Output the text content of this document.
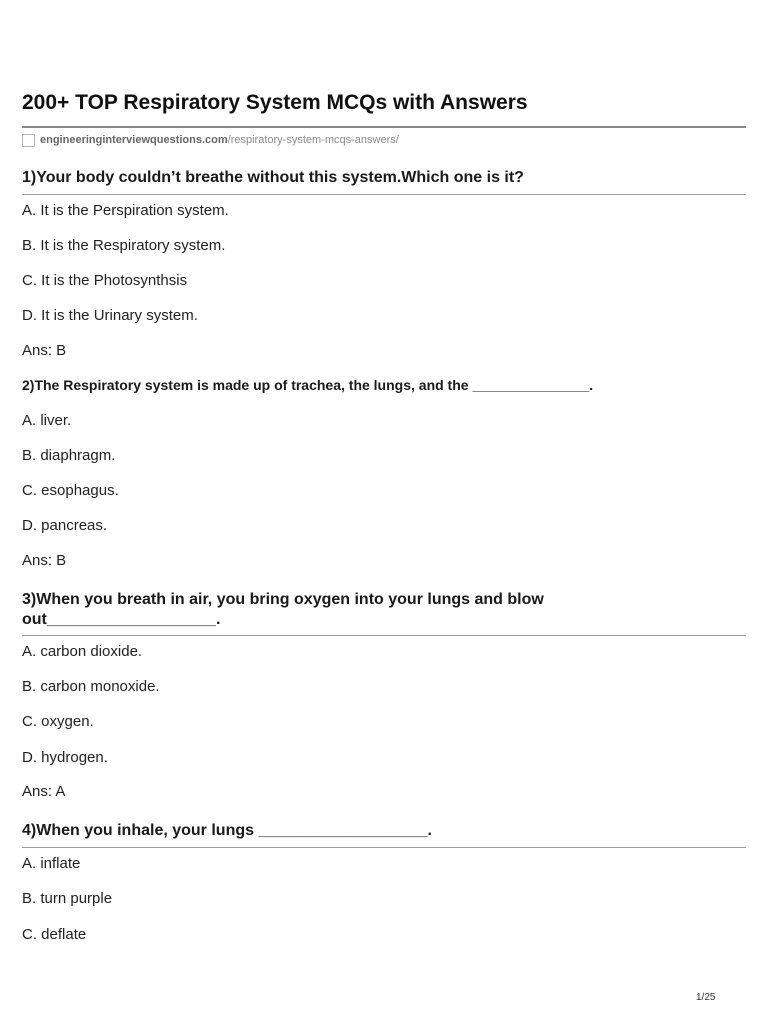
200+ TOP Respiratory System MCQs with Answers
engineeringinterviewquestions.com /respiratory-system-mcqs-answers/
1)Your body couldn’t breathe without this system.Which one is it?
A. It is the Perspiration system.
B. It is the Respiratory system.
C. It is the Photosynthsis
D. It is the Urinary system.
Ans: B
2)The Respiratory system is made up of trachea, the lungs, and the _______________.
A. liver.
B. diaphragm.
C. esophagus.
D. pancreas.
Ans: B
3)When you breath in air, you bring oxygen into your lungs and blow
out___________________.
A. carbon dioxide.
B. carbon monoxide.
C. oxygen.
D. hydrogen.
Ans: A
4)When you inhale, your lungs ___________________.
A. inflate
B. turn purple
C. deflate
1/25
